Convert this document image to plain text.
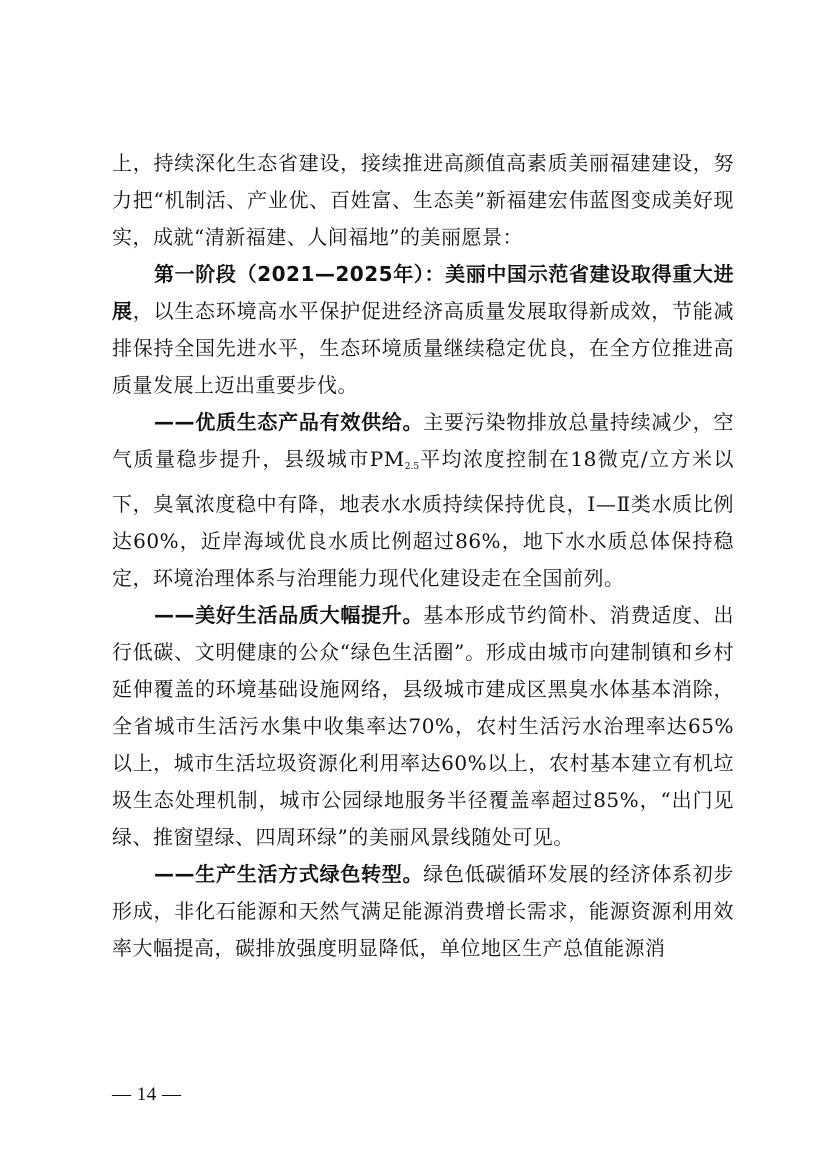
上，持续深化生态省建设，接续推进高颜值高素质美丽福建建设，努力把“机制活、产业优、百姓富、生态美”新福建宏伟蓝图变成美好现实，成就“清新福建、人间福地”的美丽愿景：

第一阶段（2021—2025年）：美丽中国示范省建设取得重大进展，以生态环境高水平保护促进经济高质量发展取得新成效，节能减排保持全国先进水平，生态环境质量继续稳定优良，在全方位推进高质量发展上迈出重要步伐。

——优质生态产品有效供给。主要污染物排放总量持续减少，空气质量稳步提升，县级城市$PM_{2.5}$平均浓度控制在18微克/立方米以下，臭氧浓度稳中有降，地表水水质持续保持优良，Ⅰ—Ⅱ类水质比例达60%，近岸海域优良水质比例超过86%，地下水水质总体保持稳定，环境治理体系与治理能力现代化建设走在全国前列。

——美好生活品质大幅提升。基本形成节约简朴、消费适度、出行低碳、文明健康的公众“绿色生活圈”。形成由城市向建制镇和乡村延伸覆盖的环境基础设施网络，县级城市建成区黑臭水体基本消除，全省城市生活污水集中收集率达70%，农村生活污水治理率达65%以上，城市生活垃圾资源化利用率达60%以上，农村基本建立有机垃圾生态处理机制，城市公园绿地服务半径覆盖率超过85%，“出门见绿、推窗望绿、四周环绿”的美丽风景线随处可见。

——生产生活方式绿色转型。绿色低碳循环发展的经济体系初步形成，非化石能源和天然气满足能源消费增长需求，能源资源利用效率大幅提高，碳排放强度明显降低，单位地区生产总值能源消

— 14 —
